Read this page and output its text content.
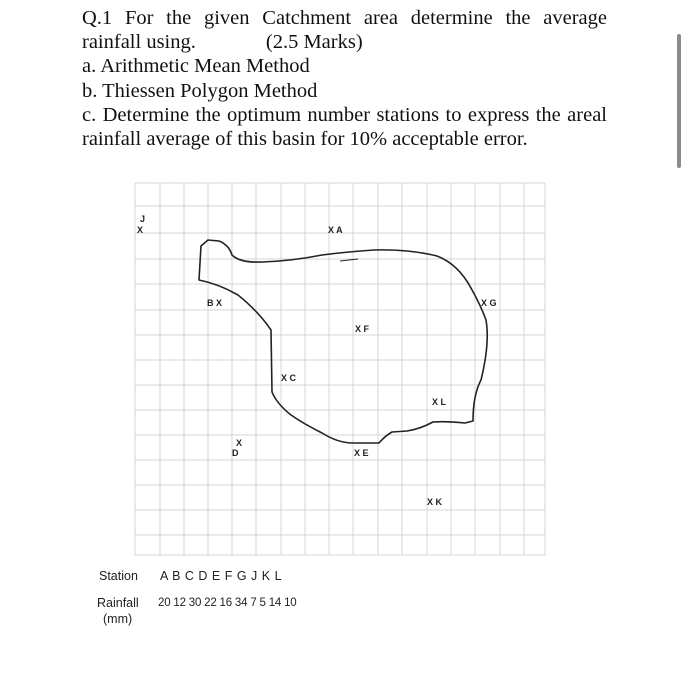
Q.1 For the given Catchment area determine the average
rainfall using.	(2.5 Marks)
a. Arithmetic Mean Method
b. Thiessen Polygon Method
c. Determine the optimum number stations to express the areal
rainfall average of this basin for 10% acceptable error.
J
X	X A
B X	X G
X F
X C
X L
X
D	X E
X K
Station A B C D E F G J K L
Rainfall
(mm)
20 12 30 22 16 34 7 5 14 10
